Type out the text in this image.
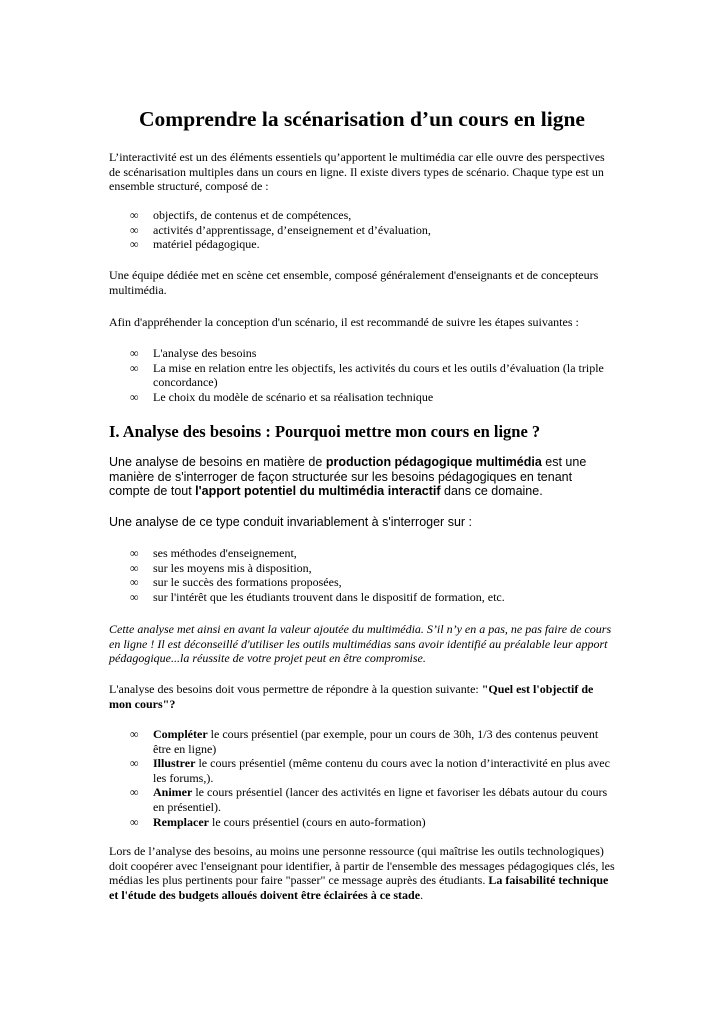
Comprendre la scénarisation d’un cours en ligne

L’interactivité est un des éléments essentiels qu’apportent le multimédia car elle ouvre des perspectives de scénarisation multiples dans un cours en ligne. Il existe divers types de scénario. Chaque type est un ensemble structuré, composé de :

∞ objectifs, de contenus et de compétences,
∞ activités d’apprentissage, d’enseignement et d’évaluation,
∞ matériel pédagogique.

Une équipe dédiée met en scène cet ensemble, composé généralement d'enseignants et de concepteurs multimédia.

Afin d'appréhender la conception d'un scénario, il est recommandé de suivre les étapes suivantes :

∞ L'analyse des besoins
∞ La mise en relation entre les objectifs, les activités du cours et les outils d’évaluation (la triple concordance)
∞ Le choix du modèle de scénario et sa réalisation technique
I. Analyse des besoins : Pourquoi mettre mon cours en ligne ?

Une analyse de besoins en matière de production pédagogique multimédia est une manière de s'interroger de façon structurée sur les besoins pédagogiques en tenant compte de tout l'apport potentiel du multimédia interactif dans ce domaine.

Une analyse de ce type conduit invariablement à s'interroger sur :

∞ ses méthodes d'enseignement,
∞ sur les moyens mis à disposition,
∞ sur le succès des formations proposées,
∞ sur l'intérêt que les étudiants trouvent dans le dispositif de formation, etc.

Cette analyse met ainsi en avant la valeur ajoutée du multimédia. S’il n’y en a pas, ne pas faire de cours en ligne ! Il est déconseillé d'utiliser les outils multimédias sans avoir identifié au préalable leur apport pédagogique...la réussite de votre projet peut en être compromise.

L'analyse des besoins doit vous permettre de répondre à la question suivante: "Quel est l'objectif de mon cours"?

∞ Compléter le cours présentiel (par exemple, pour un cours de 30h, 1/3 des contenus peuvent être en ligne)
∞ Illustrer le cours présentiel (même contenu du cours avec la notion d’interactivité en plus avec les forums,).
∞ Animer le cours présentiel (lancer des activités en ligne et favoriser les débats autour du cours en présentiel).
∞ Remplacer le cours présentiel (cours en auto-formation)

Lors de l’analyse des besoins, au moins une personne ressource (qui maîtrise les outils technologiques) doit coopérer avec l'enseignant pour identifier, à partir de l'ensemble des messages pédagogiques clés, les médias les plus pertinents pour faire "passer" ce message auprès des étudiants. La faisabilité technique et l'étude des budgets alloués doivent être éclairées à ce stade.
